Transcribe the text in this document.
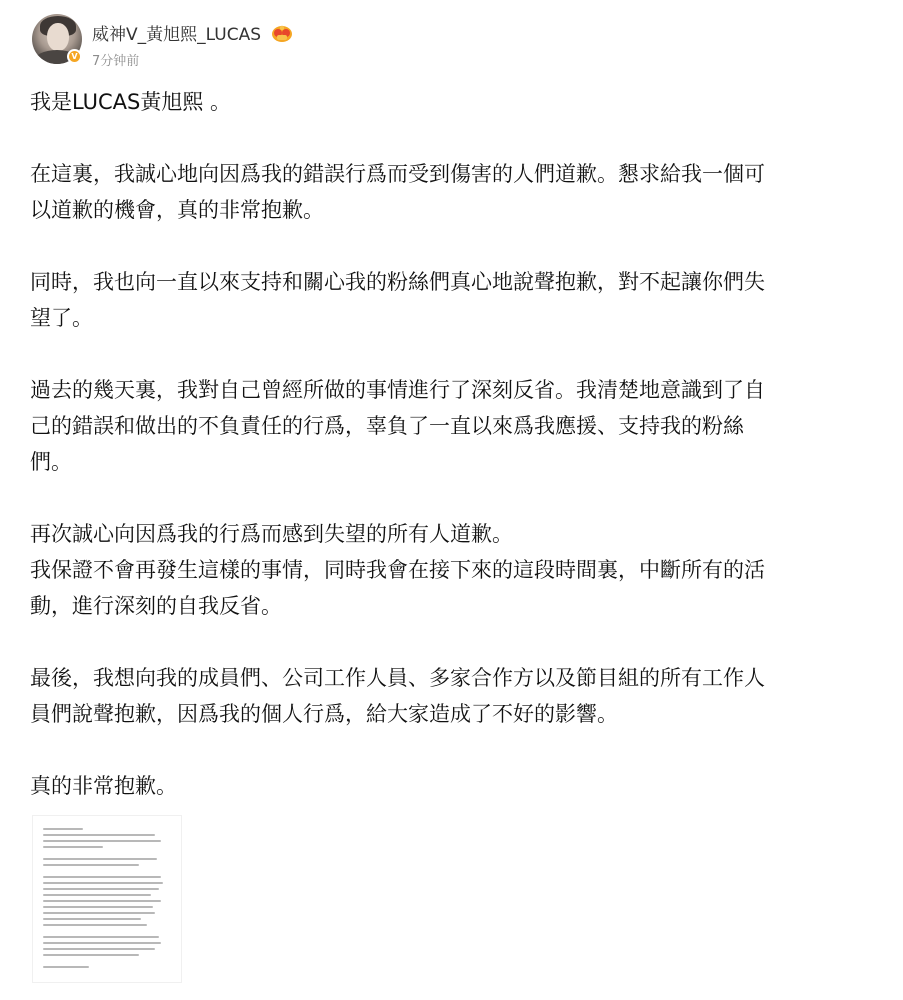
V
威神V_黃旭熙_LUCAS
7分钟前

我是LUCAS黃旭熙 。

在這裏，我誠心地向因爲我的錯誤行爲而受到傷害的人們道歉。懇求給我一個可
以道歉的機會，真的非常抱歉。

同時，我也向一直以來支持和關心我的粉絲們真心地說聲抱歉，對不起讓你們失
望了。

過去的幾天裏，我對自己曾經所做的事情進行了深刻反省。我清楚地意識到了自
己的錯誤和做出的不負責任的行爲，辜負了一直以來爲我應援、支持我的粉絲
們。

再次誠心向因爲我的行爲而感到失望的所有人道歉。
我保證不會再發生這樣的事情，同時我會在接下來的這段時間裏，中斷所有的活
動，進行深刻的自我反省。

最後，我想向我的成員們、公司工作人員、多家合作方以及節目組的所有工作人
員們說聲抱歉，因爲我的個人行爲，給大家造成了不好的影響。

真的非常抱歉。
